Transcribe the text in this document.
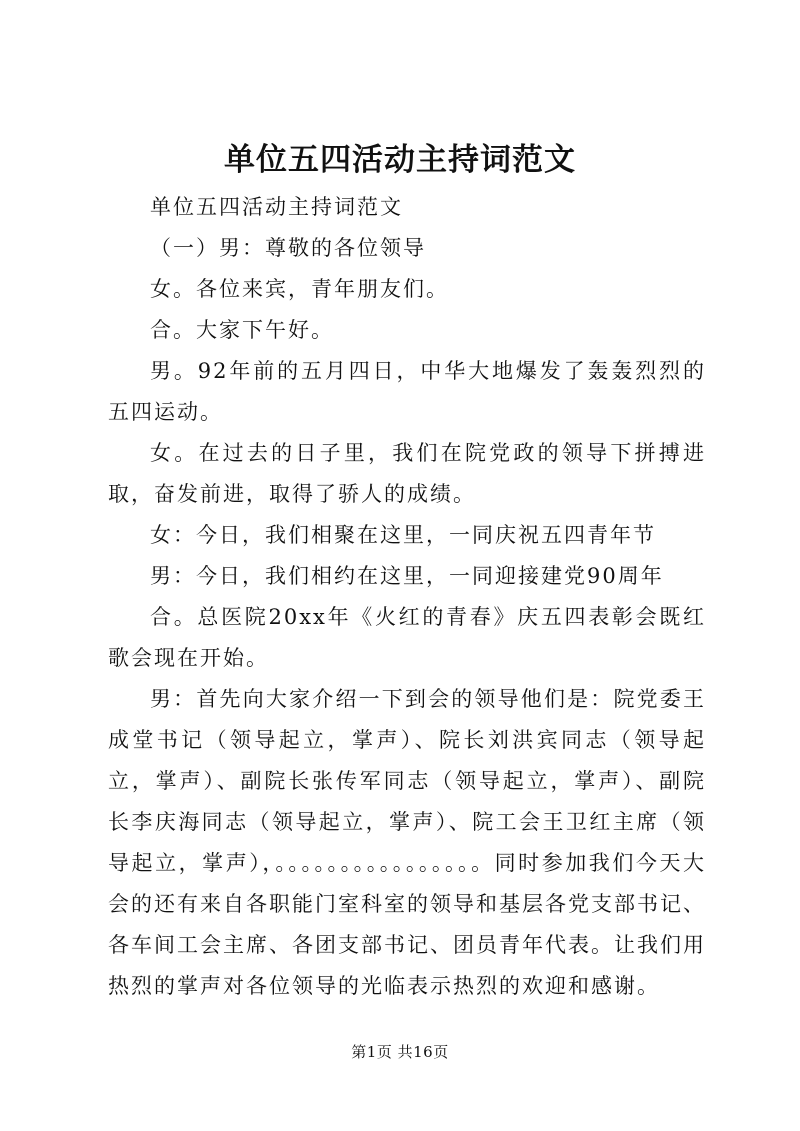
单位五四活动主持词范文

单位五四活动主持词范文

（一）男：尊敬的各位领导

女。各位来宾，青年朋友们。

合。大家下午好。

男。92年前的五月四日，中华大地爆发了轰轰烈烈的五四运动。

女。在过去的日子里，我们在院党政的领导下拼搏进取，奋发前进，取得了骄人的成绩。

女：今日，我们相聚在这里，一同庆祝五四青年节

男：今日，我们相约在这里，一同迎接建党90周年

合。总医院20xx年《火红的青春》庆五四表彰会既红歌会现在开始。

男：首先向大家介绍一下到会的领导他们是：院党委王成堂书记（领导起立，掌声）、院长刘洪宾同志（领导起立，掌声）、副院长张传军同志（领导起立，掌声）、副院长李庆海同志（领导起立，掌声）、院工会王卫红主席（领导起立，掌声），。。。。。。。。。。。。。。。。同时参加我们今天大会的还有来自各职能门室科室的领导和基层各党支部书记、各车间工会主席、各团支部书记、团员青年代表。让我们用热烈的掌声对各位领导的光临表示热烈的欢迎和感谢。

第1页 共16页
